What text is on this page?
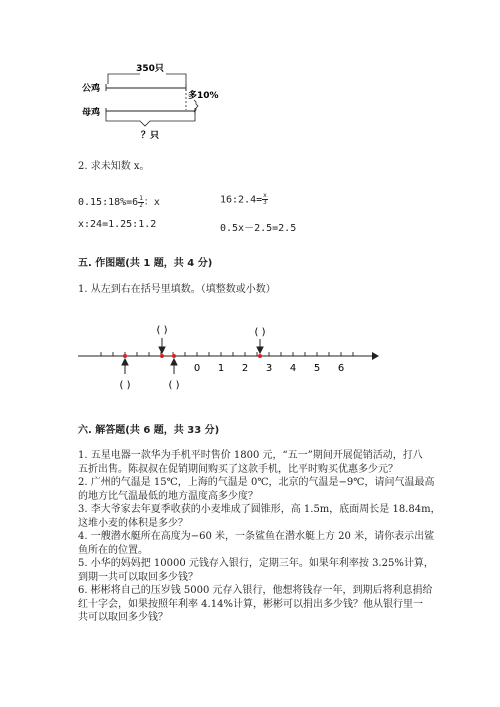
350只
公鸡
多10%
母鸡
？只
2. 求未知数 x。
0.15:18%=6 $\frac{1}{2}$ ：x	16:2.4= $\frac{x}{3}$
x:24=1.25:1.2	0.5x－2.5=2.5
五. 作图题(共 1 题，共 4 分)
1. 从左到右在括号里填数。（填整数或小数）
( )	( )
0 1 2 3 4 5 6
( )	( )
六. 解答题(共 6 题，共 33 分)
1. 五星电器一款华为手机平时售价 1800 元，“五一”期间开展促销活动，打八
五折出售。陈叔叔在促销期间购买了这款手机，比平时购买优惠多少元？
2. 广州的气温是 15℃，上海的气温是 0℃，北京的气温是−9℃，请问气温最高
的地方比气温最低的地方温度高多少度？
3. 李大爷家去年夏季收获的小麦堆成了圆锥形，高 1.5m，底面周长是 18.84m，
这堆小麦的体积是多少？
4. 一艘潜水艇所在高度为−60 米，一条鲨鱼在潜水艇上方 20 米，请你表示出鲨
鱼所在的位置。
5. 小华的妈妈把 10000 元钱存入银行，定期三年。如果年利率按 3.25%计算，
到期一共可以取回多少钱？
6. 彬彬将自己的压岁钱 5000 元存入银行，他想将钱存一年，到期后将利息捐给
红十字会，如果按照年利率 4.14%计算，彬彬可以捐出多少钱？他从银行里一
共可以取回多少钱？
